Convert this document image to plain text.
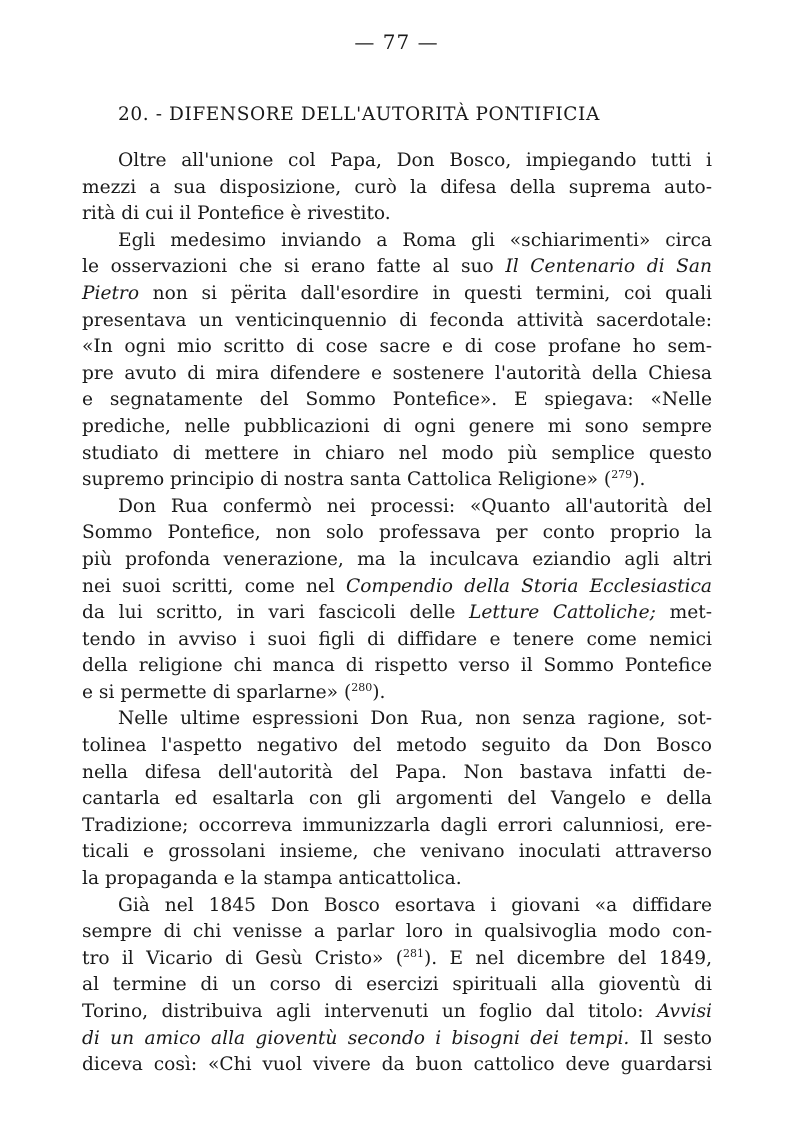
— 77 —
20. - DIFENSORE DELL'AUTORITÀ PONTIFICIA
Oltre all'unione col Papa, Don Bosco, impiegando tutti i
mezzi a sua disposizione, curò la difesa della suprema auto-
rità di cui il Pontefice è rivestito.
Egli medesimo inviando a Roma gli «schiarimenti» circa
le osservazioni che si erano fatte al suo Il Centenario di San
Pietro non si përita dall'esordire in questi termini, coi quali
presentava un venticinquennio di feconda attività sacerdotale:
«In ogni mio scritto di cose sacre e di cose profane ho sem-
pre avuto di mira difendere e sostenere l'autorità della Chiesa
e segnatamente del Sommo Pontefice». E spiegava: «Nelle
prediche, nelle pubblicazioni di ogni genere mi sono sempre
studiato di mettere in chiaro nel modo più semplice questo
supremo principio di nostra santa Cattolica Religione» ($^{279}$).
Don Rua confermò nei processi: «Quanto all'autorità del
Sommo Pontefice, non solo professava per conto proprio la
più profonda venerazione, ma la inculcava eziandio agli altri
nei suoi scritti, come nel Compendio della Storia Ecclesiastica
da lui scritto, in vari fascicoli delle Letture Cattoliche; met-
tendo in avviso i suoi figli di diffidare e tenere come nemici
della religione chi manca di rispetto verso il Sommo Pontefice
e si permette di sparlarne» ($^{280}$).
Nelle ultime espressioni Don Rua, non senza ragione, sot-
tolinea l'aspetto negativo del metodo seguito da Don Bosco
nella difesa dell'autorità del Papa. Non bastava infatti de-
cantarla ed esaltarla con gli argomenti del Vangelo e della
Tradizione; occorreva immunizzarla dagli errori calunniosi, ere-
ticali e grossolani insieme, che venivano inoculati attraverso
la propaganda e la stampa anticattolica.
Già nel 1845 Don Bosco esortava i giovani «a diffidare
sempre di chi venisse a parlar loro in qualsivoglia modo con-
tro il Vicario di Gesù Cristo» ($^{281}$). E nel dicembre del 1849,
al termine di un corso di esercizi spirituali alla gioventù di
Torino, distribuiva agli intervenuti un foglio dal titolo: Avvisi
di un amico alla gioventù secondo i bisogni dei tempi. Il sesto
diceva così: «Chi vuol vivere da buon cattolico deve guardarsi
